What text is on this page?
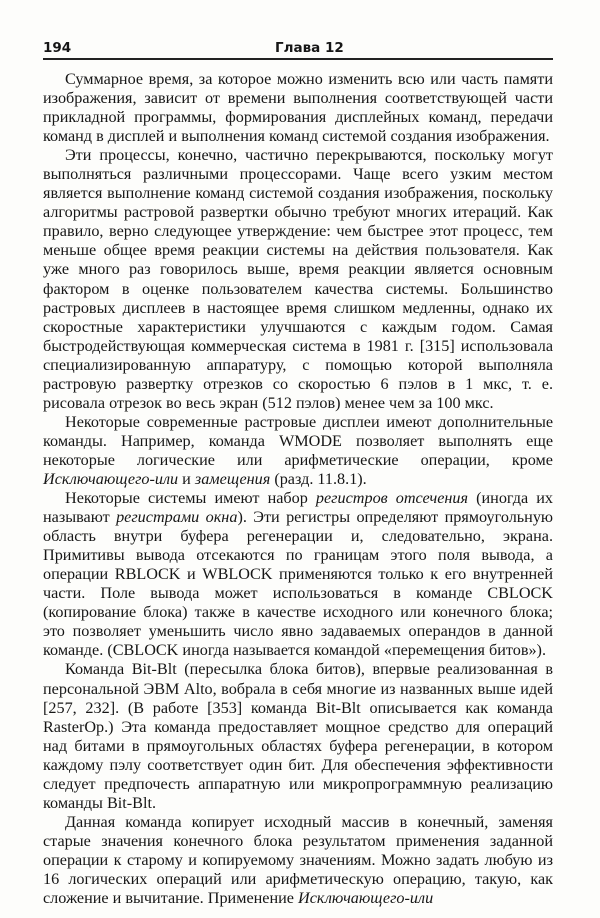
194	Глава 12

Суммарное время, за которое можно изменить всю или часть памяти изображения, зависит от времени выполнения соответствующей части прикладной программы, формирования дисплейных команд, передачи команд в дисплей и выполнения команд системой создания изображения.

Эти процессы, конечно, частично перекрываются, поскольку могут выполняться различными процессорами. Чаще всего узким местом является выполнение команд системой создания изображения, поскольку алгоритмы растровой развертки обычно требуют многих итераций. Как правило, верно следующее утверждение: чем быстрее этот процесс, тем меньше общее время реакции системы на действия пользователя. Как уже много раз говорилось выше, время реакции является основным фактором в оценке пользователем качества системы. Большинство растровых дисплеев в настоящее время слишком медленны, однако их скоростные характеристики улучшаются с каждым годом. Самая быстродействующая коммерческая система в 1981 г. [315] использовала специализированную аппаратуру, с помощью которой выполняла растровую развертку отрезков со скоростью 6 пэлов в 1 мкс, т. е. рисовала отрезок во весь экран (512 пэлов) менее чем за 100 мкс.

Некоторые современные растровые дисплеи имеют дополнительные команды. Например, команда WMODE позволяет выполнять еще некоторые логические или арифметические операции, кроме Исключающего-или и замещения (разд. 11.8.1).

Некоторые системы имеют набор регистров отсечения (иногда их называют регистрами окна). Эти регистры определяют прямоугольную область внутри буфера регенерации и, следовательно, экрана. Примитивы вывода отсекаются по границам этого поля вывода, а операции RBLOCK и WBLOCK применяются только к его внутренней части. Поле вывода может использоваться в команде CBLOCK (копирование блока) также в качестве исходного или конечного блока; это позволяет уменьшить число явно задаваемых операндов в данной команде. (CBLOCK иногда называется командой «перемещения битов»).

Команда Bit-Blt (пересылка блока битов), впервые реализованная в персональной ЭВМ Alto, вобрала в себя многие из названных выше идей [257, 232]. (В работе [353] команда Bit-Blt описывается как команда RasterOp.) Эта команда предоставляет мощное средство для операций над битами в прямоугольных областях буфера регенерации, в котором каждому пэлу соответствует один бит. Для обеспечения эффективности следует предпочесть аппаратную или микропрограммную реализацию команды Bit-Blt.

Данная команда копирует исходный массив в конечный, заменяя старые значения конечного блока результатом применения заданной операции к старому и копируемому значениям. Можно задать любую из 16 логических операций или арифметическую операцию, такую, как сложение и вычитание. Применение Исключающего-или
